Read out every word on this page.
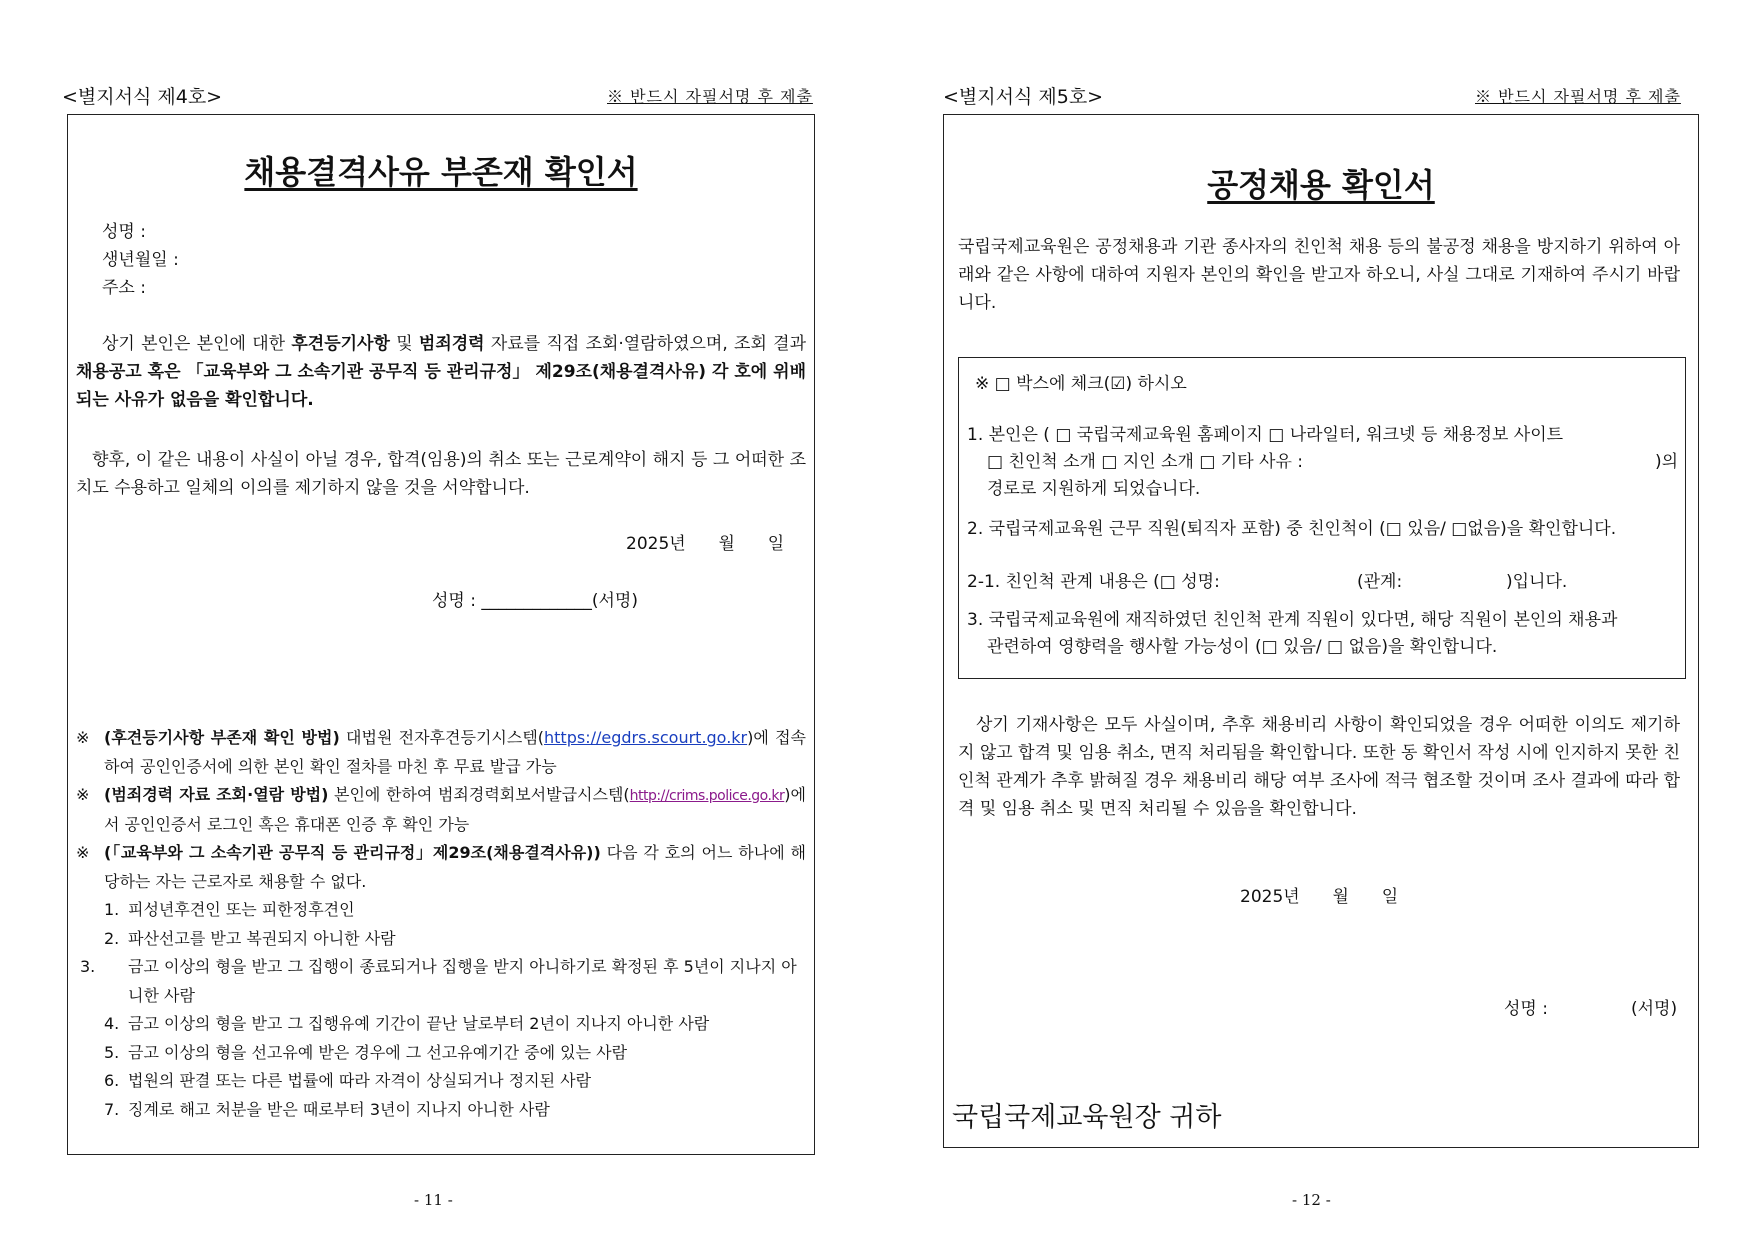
<별지서식 제4호>	※ 반드시 자필서명 후 제출
채용결격사유 부존재 확인서
성명 :
생년월일 :
주소 :
상기 본인은 본인에 대한 후견등기사항 및 범죄경력 자료를 직접 조회·열람하였으며, 조회 결과 채용공고 혹은 「교육부와 그 소속기관 공무직 등 관리규정」 제29조(채용결격사유) 각 호에 위배되는 사유가 없음을 확인합니다.
향후, 이 같은 내용이 사실이 아닐 경우, 합격(임용)의 취소 또는 근로계약이 해지 등 그 어떠한 조치도 수용하고 일체의 이의를 제기하지 않을 것을 서약합니다.
2025년 월 일
성명 : _____________(서명)
※ (후견등기사항 부존재 확인 방법) 대법원 전자후견등기시스템(https://egdrs.scourt.go.kr)에 접속하여 공인인증서에 의한 본인 확인 절차를 마친 후 무료 발급 가능
※ (범죄경력 자료 조회·열람 방법) 본인에 한하여 범죄경력회보서발급시스템(http://crims.police.go.kr)에서 공인인증서 로그인 혹은 휴대폰 인증 후 확인 가능
※ (「교육부와 그 소속기관 공무직 등 관리규정」제29조(채용결격사유)) 다음 각 호의 어느 하나에 해당하는 자는 근로자로 채용할 수 없다.
1. 피성년후견인 또는 피한정후견인
2. 파산선고를 받고 복권되지 아니한 사람
3. 금고 이상의 형을 받고 그 집행이 종료되거나 집행을 받지 아니하기로 확정된 후 5년이 지나지 아니한 사람
4. 금고 이상의 형을 받고 그 집행유예 기간이 끝난 날로부터 2년이 지나지 아니한 사람
5. 금고 이상의 형을 선고유예 받은 경우에 그 선고유예기간 중에 있는 사람
6. 법원의 판결 또는 다른 법률에 따라 자격이 상실되거나 정지된 사람
7. 징계로 해고 처분을 받은 때로부터 3년이 지나지 아니한 사람
- 11 -
<별지서식 제5호>	※ 반드시 자필서명 후 제출
공정채용 확인서
국립국제교육원은 공정채용과 기관 종사자의 친인척 채용 등의 불공정 채용을 방지하기 위하여 아래와 같은 사항에 대하여 지원자 본인의 확인을 받고자 하오니, 사실 그대로 기재하여 주시기 바랍니다.
※ □ 박스에 체크(☑) 하시오
1. 본인은 ( □ 국립국제교육원 홈페이지 □ 나라일터, 워크넷 등 채용정보 사이트
□ 친인척 소개 □ 지인 소개 □ 기타 사유 :	)의
경로로 지원하게 되었습니다.
2. 국립국제교육원 근무 직원(퇴직자 포함) 중 친인척이 (□ 있음/ □없음)을 확인합니다.
2-1. 친인척 관계 내용은 (□ 성명:	(관계:	)입니다.
3. 국립국제교육원에 재직하였던 친인척 관계 직원이 있다면, 해당 직원이 본인의 채용과
관련하여 영향력을 행사할 가능성이 (□ 있음/ □ 없음)을 확인합니다.
상기 기재사항은 모두 사실이며, 추후 채용비리 사항이 확인되었을 경우 어떠한 이의도 제기하지 않고 합격 및 임용 취소, 면직 처리됨을 확인합니다. 또한 동 확인서 작성 시에 인지하지 못한 친인척 관계가 추후 밝혀질 경우 채용비리 해당 여부 조사에 적극 협조할 것이며 조사 결과에 따라 합격 및 임용 취소 및 면직 처리될 수 있음을 확인합니다.
2025년 월 일
성명 :	(서명)
국립국제교육원장 귀하
- 12 -
